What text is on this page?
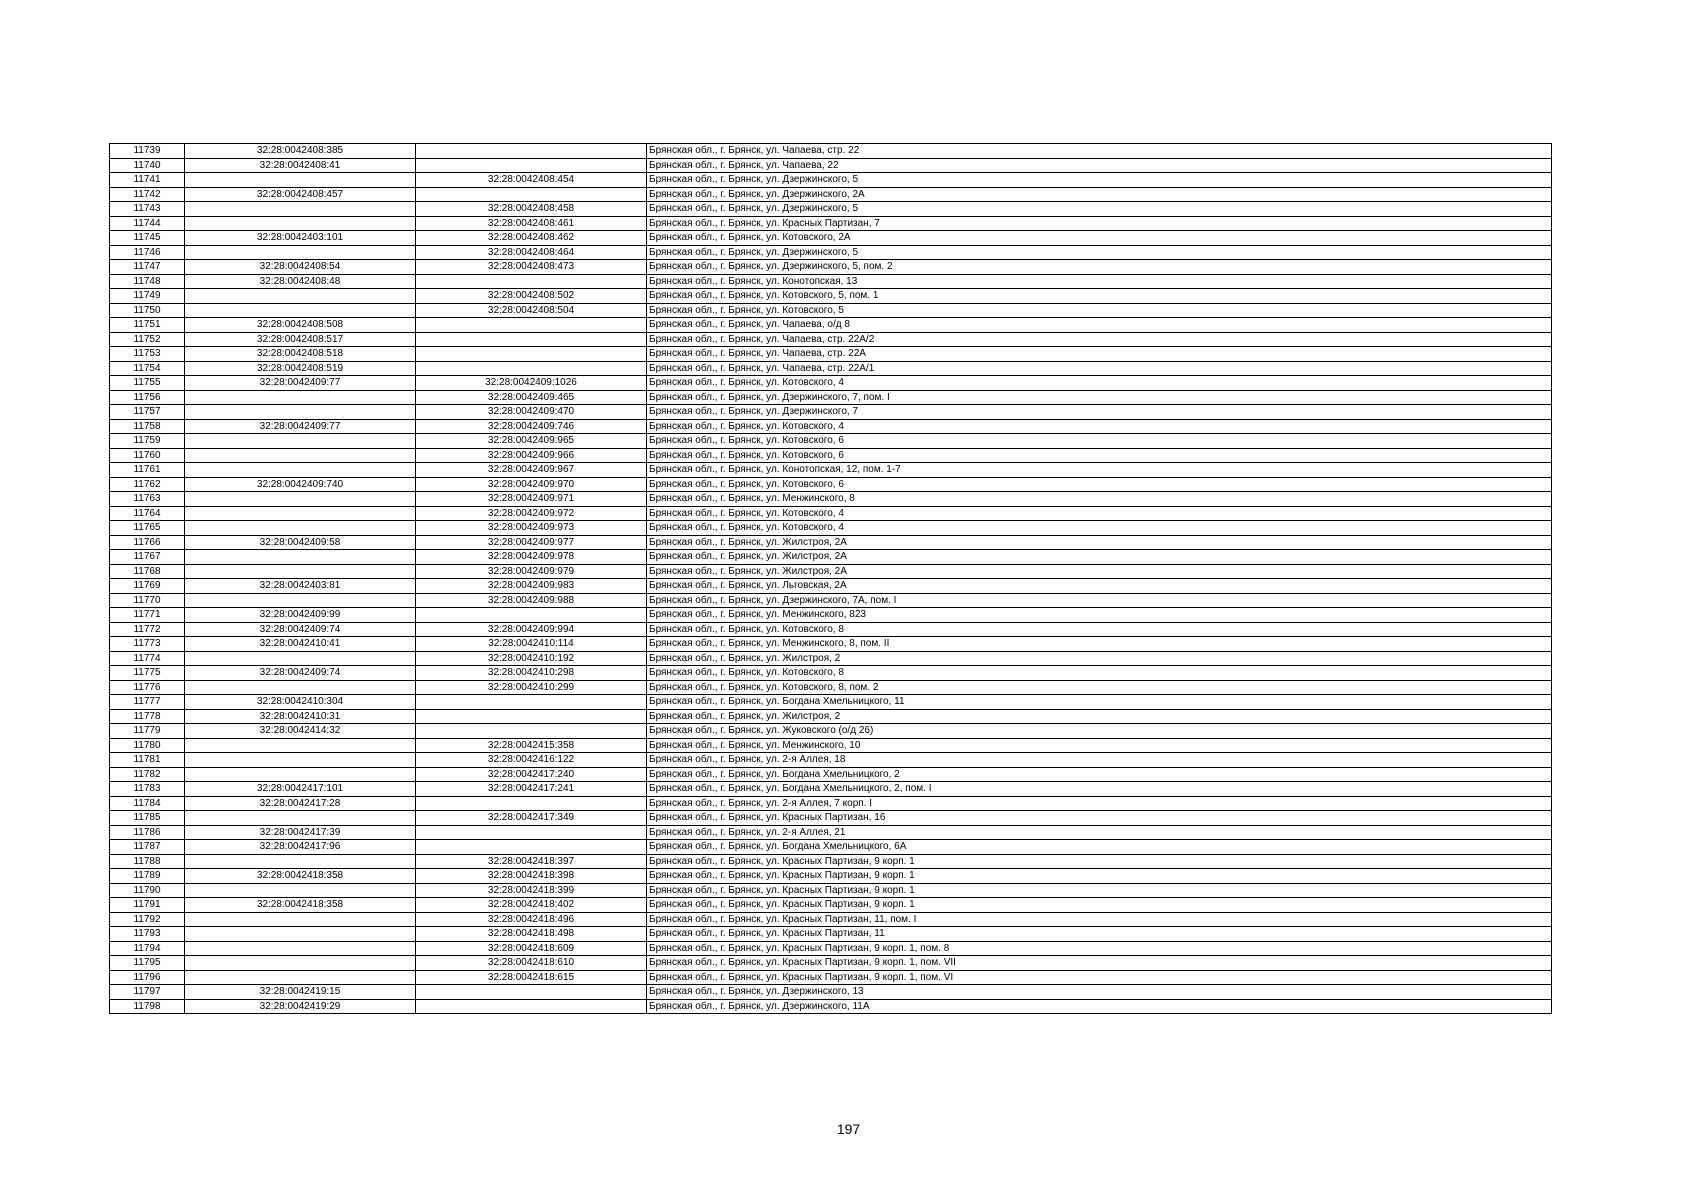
11739	32:28:0042408:385		Брянская обл., г. Брянск, ул. Чапаева, стр. 22
11740	32:28:0042408:41		Брянская обл., г. Брянск, ул. Чапаева, 22
11741		32:28:0042408:454	Брянская обл., г. Брянск, ул. Дзержинского, 5
11742	32:28:0042408:457		Брянская обл., г. Брянск, ул. Дзержинского, 2А
11743		32:28:0042408:458	Брянская обл., г. Брянск, ул. Дзержинского, 5
11744		32:28:0042408:461	Брянская обл., г. Брянск, ул. Красных Партизан, 7
11745	32:28:0042403:101	32:28:0042408:462	Брянская обл., г. Брянск, ул. Котовского, 2А
11746		32:28:0042408:464	Брянская обл., г. Брянск, ул. Дзержинского, 5
11747	32:28:0042408:54	32:28:0042408:473	Брянская обл., г. Брянск, ул. Дзержинского, 5, пом. 2
11748	32:28:0042408:48		Брянская обл., г. Брянск, ул. Конотопская, 13
11749		32:28:0042408:502	Брянская обл., г. Брянск, ул. Котовского, 5, пом. 1
11750		32:28:0042408:504	Брянская обл., г. Брянск, ул. Котовского, 5
11751	32:28:0042408:508		Брянская обл., г. Брянск, ул. Чапаева, о/д 8
11752	32:28:0042408:517		Брянская обл., г. Брянск, ул. Чапаева, стр. 22А/2
11753	32:28:0042408:518		Брянская обл., г. Брянск, ул. Чапаева, стр. 22А
11754	32:28:0042408:519		Брянская обл., г. Брянск, ул. Чапаева, стр. 22А/1
11755	32:28:0042409:77	32:28:0042409:1026	Брянская обл., г. Брянск, ул. Котовского, 4
11756		32:28:0042409:465	Брянская обл., г. Брянск, ул. Дзержинского, 7, пом. I
11757		32:28:0042409:470	Брянская обл., г. Брянск, ул. Дзержинского, 7
11758	32:28:0042409:77	32:28:0042409:746	Брянская обл., г. Брянск, ул. Котовского, 4
11759		32:28:0042409:965	Брянская обл., г. Брянск, ул. Котовского, 6
11760		32:28:0042409:966	Брянская обл., г. Брянск, ул. Котовского, 6
11761		32:28:0042409:967	Брянская обл., г. Брянск, ул. Конотопская, 12, пом. 1-7
11762	32:28:0042409:740	32:28:0042409:970	Брянская обл., г. Брянск, ул. Котовского, 6
11763		32:28:0042409:971	Брянская обл., г. Брянск, ул. Менжинского, 8
11764		32:28:0042409:972	Брянская обл., г. Брянск, ул. Котовского, 4
11765		32:28:0042409:973	Брянская обл., г. Брянск, ул. Котовского, 4
11766	32:28:0042409:58	32:28:0042409:977	Брянская обл., г. Брянск, ул. Жилстроя, 2А
11767		32:28:0042409:978	Брянская обл., г. Брянск, ул. Жилстроя, 2А
11768		32:28:0042409:979	Брянская обл., г. Брянск, ул. Жилстроя, 2А
11769	32:28:0042403:81	32:28:0042409:983	Брянская обл., г. Брянск, ул. Льговская, 2А
11770		32:28:0042409:988	Брянская обл., г. Брянск, ул. Дзержинского, 7А, пом. I
11771	32:28:0042409:99		Брянская обл., г. Брянск, ул. Менжинского, 823
11772	32:28:0042409:74	32:28:0042409:994	Брянская обл., г. Брянск, ул. Котовского, 8
11773	32:28:0042410:41	32:28:0042410:114	Брянская обл., г. Брянск, ул. Менжинского, 8, пом. II
11774		32:28:0042410:192	Брянская обл., г. Брянск, ул. Жилстроя, 2
11775	32:28:0042409:74	32:28:0042410:298	Брянская обл., г. Брянск, ул. Котовского, 8
11776		32:28:0042410:299	Брянская обл., г. Брянск, ул. Котовского, 8, пом. 2
11777	32:28:0042410:304		Брянская обл., г. Брянск, ул. Богдана Хмельницкого, 11
11778	32:28:0042410:31		Брянская обл., г. Брянск, ул. Жилстроя, 2
11779	32:28:0042414:32		Брянская обл., г. Брянск, ул. Жуковского (о/д 26)
11780		32:28:0042415:358	Брянская обл., г. Брянск, ул. Менжинского, 10
11781		32:28:0042416:122	Брянская обл., г. Брянск, ул. 2-я Аллея, 18
11782		32:28:0042417:240	Брянская обл., г. Брянск, ул. Богдана Хмельницкого, 2
11783	32:28:0042417:101	32:28:0042417:241	Брянская обл., г. Брянск, ул. Богдана Хмельницкого, 2, пом. I
11784	32:28:0042417:28		Брянская обл., г. Брянск, ул. 2-я Аллея, 7 корп. I
11785		32:28:0042417:349	Брянская обл., г. Брянск, ул. Красных Партизан, 16
11786	32:28:0042417:39		Брянская обл., г. Брянск, ул. 2-я Аллея, 21
11787	32:28:0042417:96		Брянская обл., г. Брянск, ул. Богдана Хмельницкого, 6А
11788		32:28:0042418:397	Брянская обл., г. Брянск, ул. Красных Партизан, 9 корп. 1
11789	32:28:0042418:358	32:28:0042418:398	Брянская обл., г. Брянск, ул. Красных Партизан, 9 корп. 1
11790		32:28:0042418:399	Брянская обл., г. Брянск, ул. Красных Партизан, 9 корп. 1
11791	32:28:0042418:358	32:28:0042418:402	Брянская обл., г. Брянск, ул. Красных Партизан, 9 корп. 1
11792		32:28:0042418:496	Брянская обл., г. Брянск, ул. Красных Партизан, 11, пом. I
11793		32:28:0042418:498	Брянская обл., г. Брянск, ул. Красных Партизан, 11
11794		32:28:0042418:609	Брянская обл., г. Брянск, ул. Красных Партизан, 9 корп. 1, пом. 8
11795		32:28:0042418:610	Брянская обл., г. Брянск, ул. Красных Партизан, 9 корп. 1, пом. VII
11796		32:28:0042418:615	Брянская обл., г. Брянск, ул. Красных Партизан, 9 корп. 1, пом. VI
11797	32:28:0042419:15		Брянская обл., г. Брянск, ул. Дзержинского, 13
11798	32:28:0042419:29		Брянская обл., г. Брянск, ул. Дзержинского, 11А
197
